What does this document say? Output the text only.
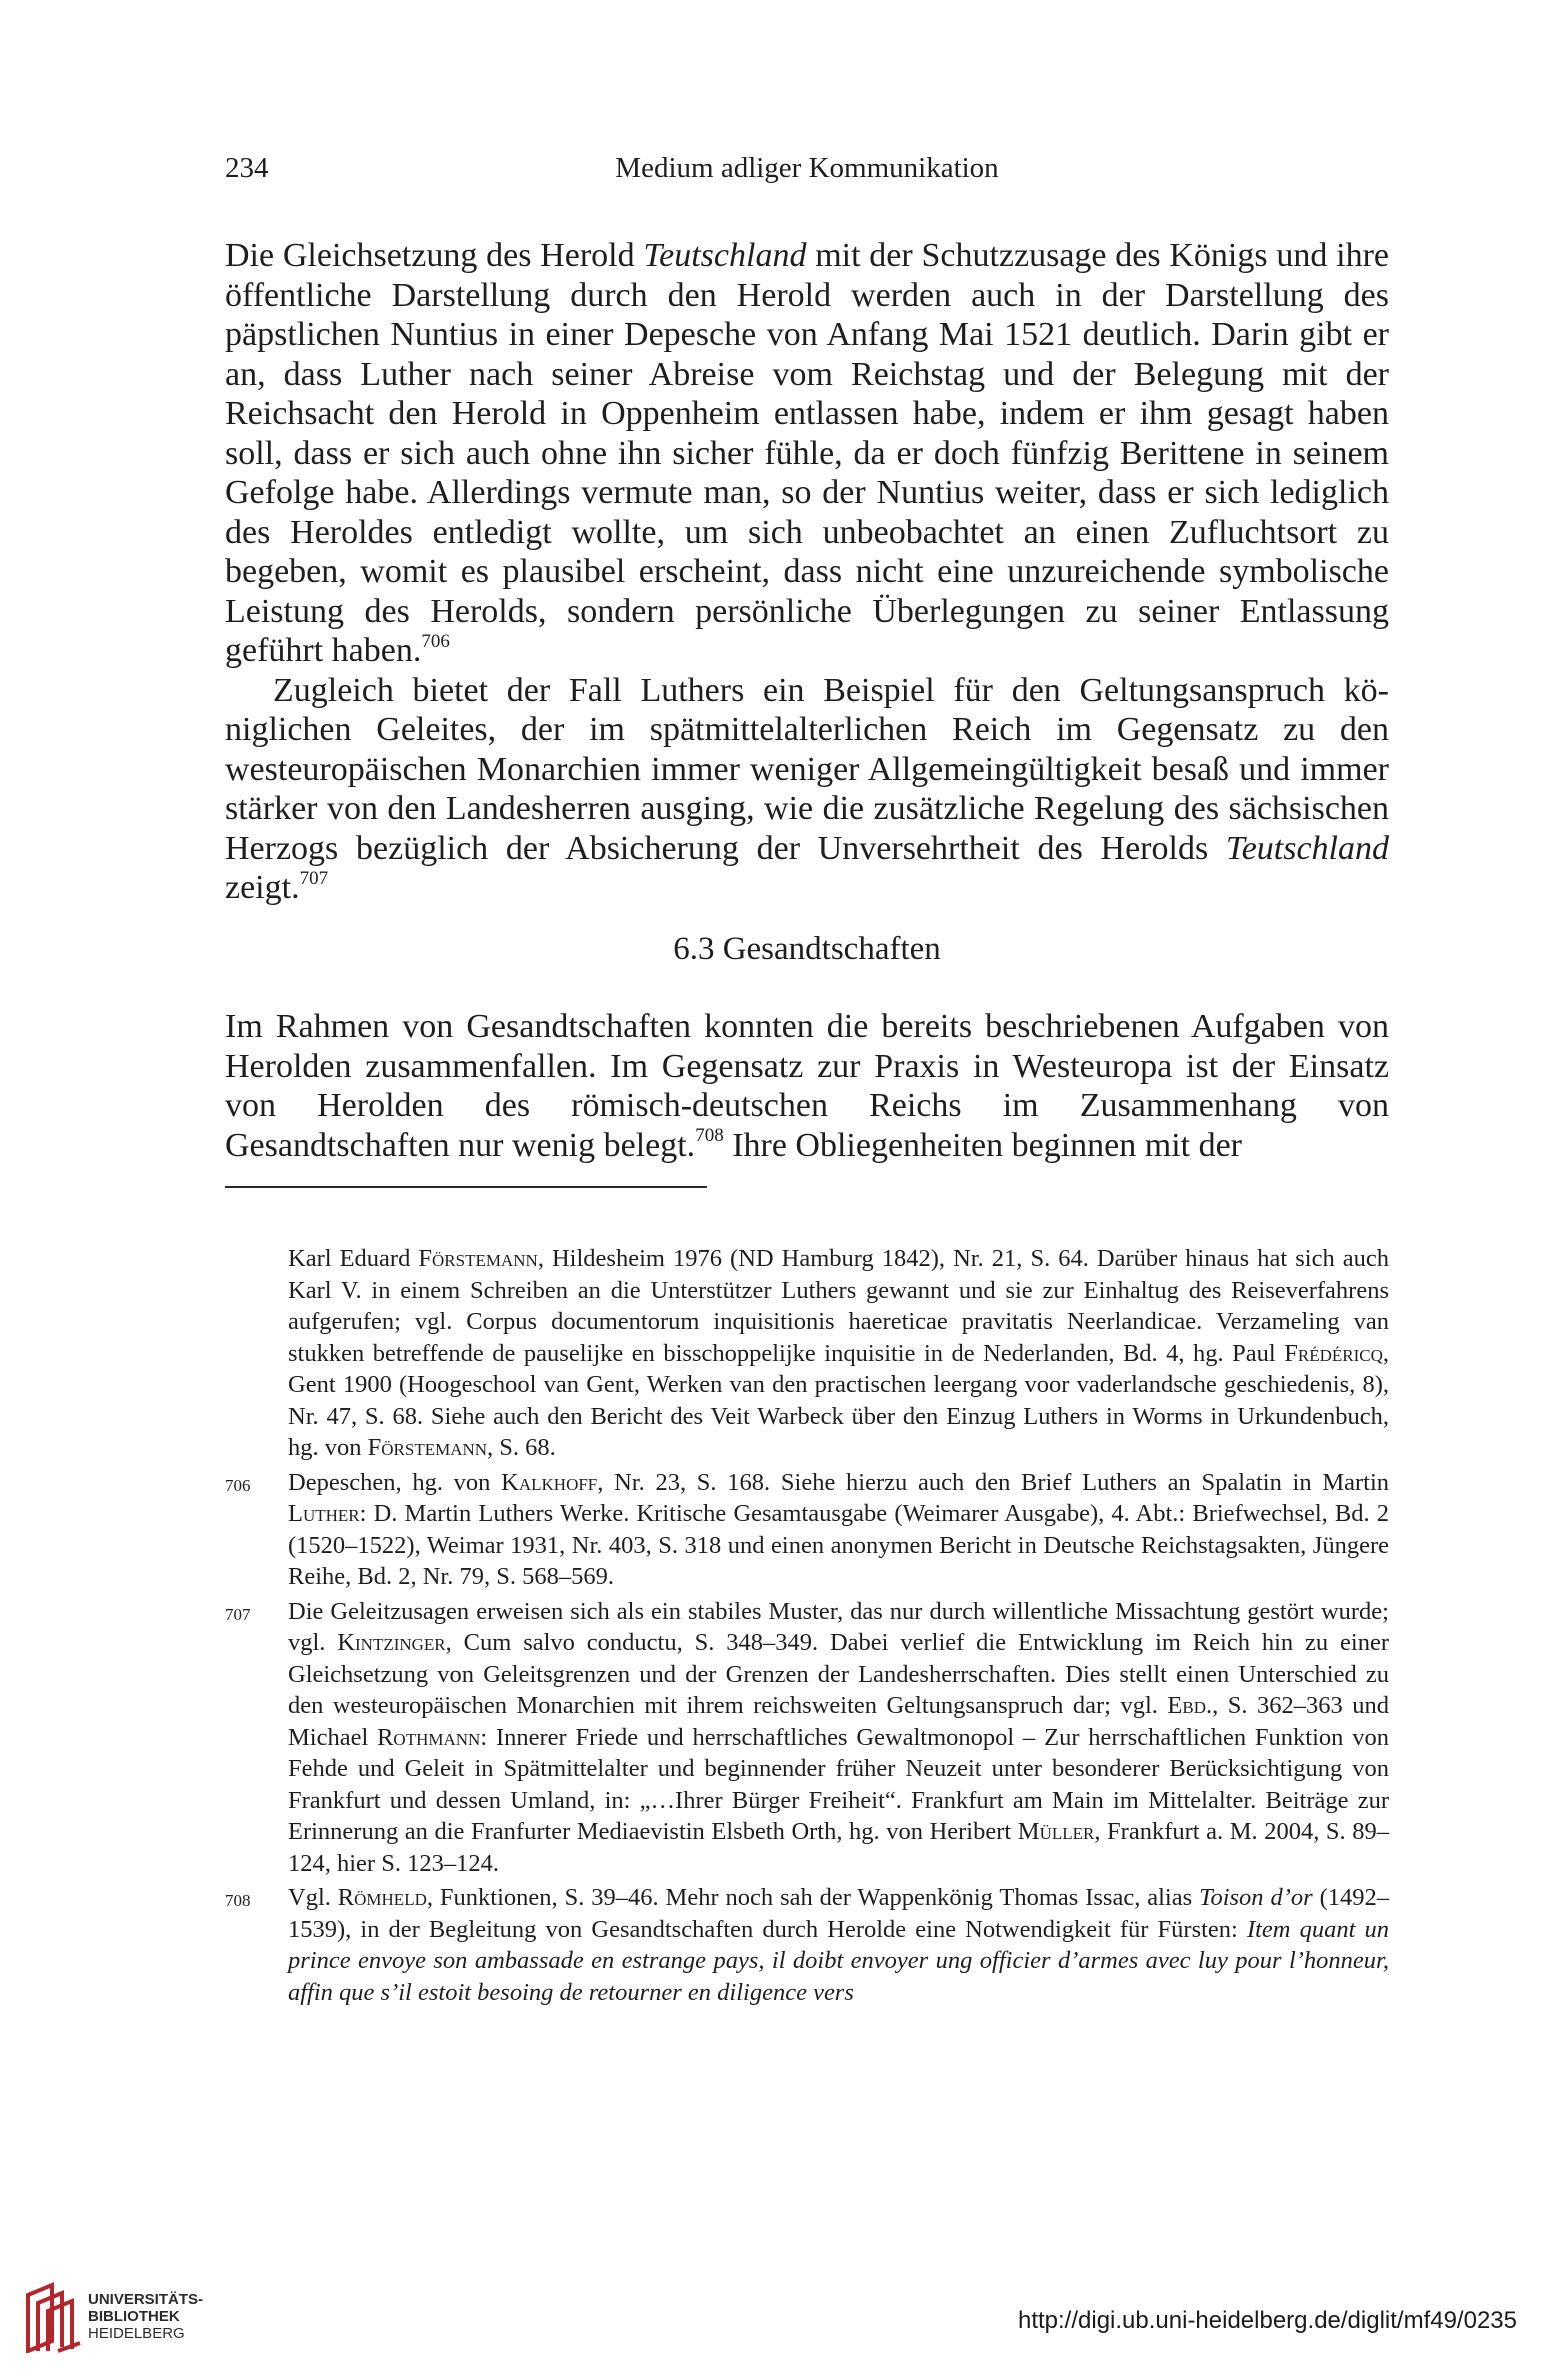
234	Medium adliger Kommunikation

Die Gleichsetzung des Herold Teutschland mit der Schutzzusage des Königs und ihre öffentliche Darstellung durch den Herold werden auch in der Darstellung des päpstlichen Nuntius in einer Depesche von Anfang Mai 1521 deutlich. Darin gibt er an, dass Luther nach seiner Abreise vom Reichstag und der Belegung mit der Reichsacht den Herold in Oppenheim entlassen habe, indem er ihm gesagt haben soll, dass er sich auch ohne ihn sicher fühle, da er doch fünfzig Berittene in seinem Gefolge habe. Allerdings vermute man, so der Nuntius weiter, dass er sich lediglich des Heroldes entledigt wollte, um sich unbeobachtet an einen Zufluchtsort zu begeben, womit es plausibel erscheint, dass nicht eine unzureichende symbolische Leistung des Herolds, sondern persönliche Überlegungen zu seiner Entlassung geführt haben.$^{706}$

Zugleich bietet der Fall Luthers ein Beispiel für den Geltungsanspruch königlichen Geleites, der im spätmittelalterlichen Reich im Gegensatz zu den westeuropäischen Monarchien immer weniger Allgemeingültigkeit besaß und immer stärker von den Landesherren ausging, wie die zusätzliche Regelung des sächsischen Herzogs bezüglich der Absicherung der Unversehrtheit des Herolds Teutschland zeigt.$^{707}$

6.3 Gesandtschaften

Im Rahmen von Gesandtschaften konnten die bereits beschriebenen Aufgaben von Herolden zusammenfallen. Im Gegensatz zur Praxis in Westeuropa ist der Einsatz von Herolden des römisch-deutschen Reichs im Zusammenhang von Gesandtschaften nur wenig belegt.$^{708}$ Ihre Obliegenheiten beginnen mit der

Karl Eduard Förstemann, Hildesheim 1976 (ND Hamburg 1842), Nr. 21, S. 64. Darüber hinaus hat sich auch Karl V. in einem Schreiben an die Unterstützer Luthers gewannt und sie zur Einhaltug des Reiseverfahrens aufgerufen; vgl. Corpus documentorum inquisitionis haereticae pravitatis Neerlandicae. Verzameling van stukken betreffende de pauselijke en bisschoppelijke inquisitie in de Nederlanden, Bd. 4, hg. Paul Frédéricq, Gent 1900 (Hoogeschool van Gent, Werken van den practischen leergang voor vaderlandsche geschiedenis, 8), Nr. 47, S. 68. Siehe auch den Bericht des Veit Warbeck über den Einzug Luthers in Worms in Urkundenbuch, hg. von Förstemann, S. 68.
706 Depeschen, hg. von Kalkhoff, Nr. 23, S. 168. Siehe hierzu auch den Brief Luthers an Spalatin in Martin Luther: D. Martin Luthers Werke. Kritische Gesamtausgabe (Weimarer Ausgabe), 4. Abt.: Briefwechsel, Bd. 2 (1520–1522), Weimar 1931, Nr. 403, S. 318 und einen anonymen Bericht in Deutsche Reichstagsakten, Jüngere Reihe, Bd. 2, Nr. 79, S. 568–569.
707 Die Geleitzusagen erweisen sich als ein stabiles Muster, das nur durch willentliche Missachtung gestört wurde; vgl. Kintzinger, Cum salvo conductu, S. 348–349. Dabei verlief die Entwicklung im Reich hin zu einer Gleichsetzung von Geleitsgrenzen und der Grenzen der Landesherrschaften. Dies stellt einen Unterschied zu den westeuropäischen Monarchien mit ihrem reichsweiten Geltungsanspruch dar; vgl. Ebd., S. 362–363 und Michael Rothmann: Innerer Friede und herrschaftliches Gewaltmonopol – Zur herrschaftlichen Funktion von Fehde und Geleit in Spätmittelalter und beginnender früher Neuzeit unter besonderer Berücksichtigung von Frankfurt und dessen Umland, in: „…Ihrer Bürger Freiheit“. Frankfurt am Main im Mittelalter. Beiträge zur Erinnerung an die Franfurter Mediaevistin Elsbeth Orth, hg. von Heribert Müller, Frankfurt a. M. 2004, S. 89–124, hier S. 123–124.
708 Vgl. Römheld, Funktionen, S. 39–46. Mehr noch sah der Wappenkönig Thomas Issac, alias Toison d’or (1492–1539), in der Begleitung von Gesandtschaften durch Herolde eine Notwendigkeit für Fürsten: Item quant un prince envoye son ambassade en estrange pays, il doibt envoyer ung officier d’armes avec luy pour l’honneur, affin que s’il estoit besoing de retourner en diligence vers
UNIVERSITÄTS-
BIBLIOTHEK
HEIDELBERG	http://digi.ub.uni-heidelberg.de/diglit/mf49/0235
